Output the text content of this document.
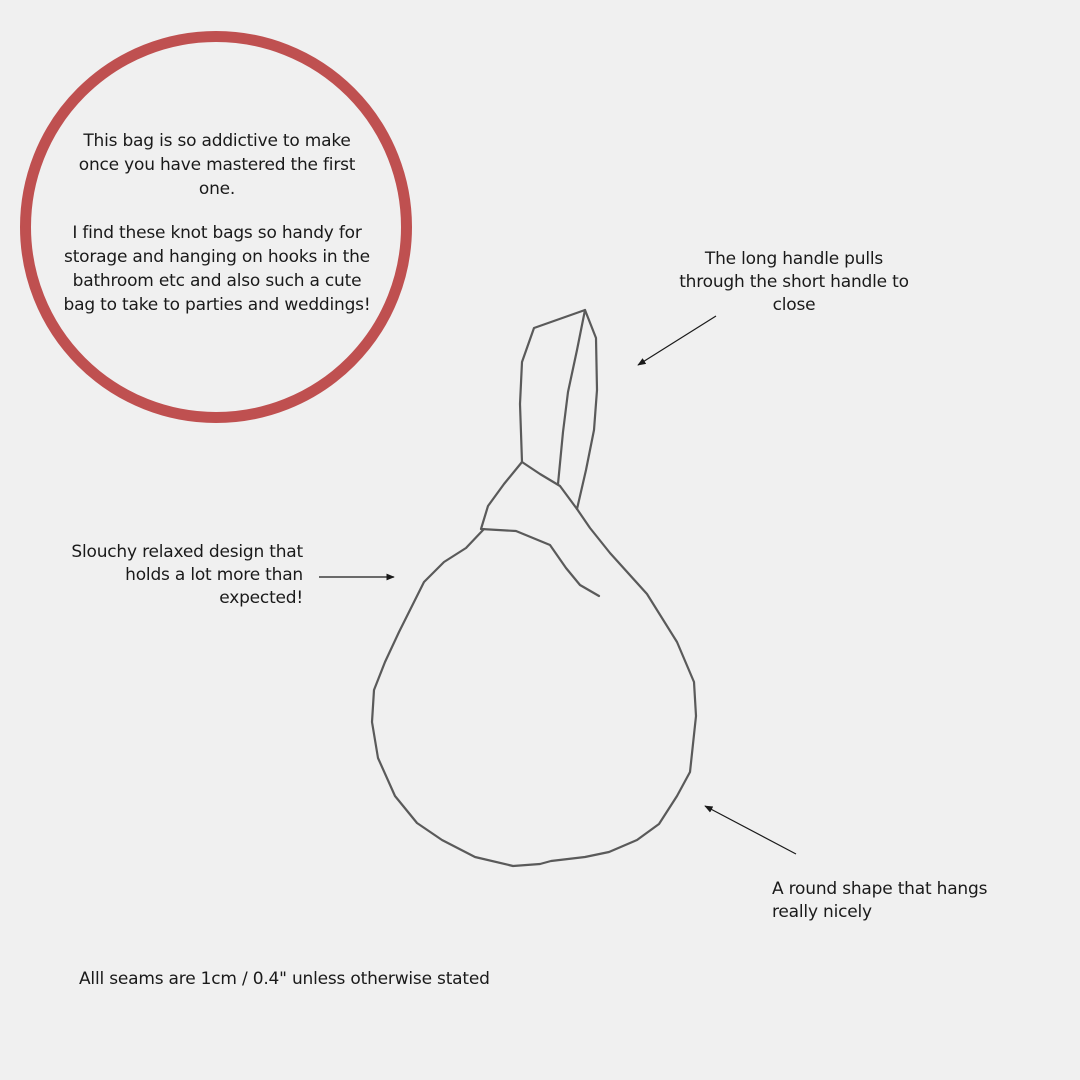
This bag is so addictive to make once you have mastered the first one.

I find these knot bags so handy for storage and hanging on hooks in the bathroom etc and also such a cute bag to take to parties and weddings!

The long handle pulls through the short handle to close
Slouchy relaxed design that holds a lot more than expected!
A round shape that hangs really nicely
Alll seams are 1cm / 0.4" unless otherwise stated
